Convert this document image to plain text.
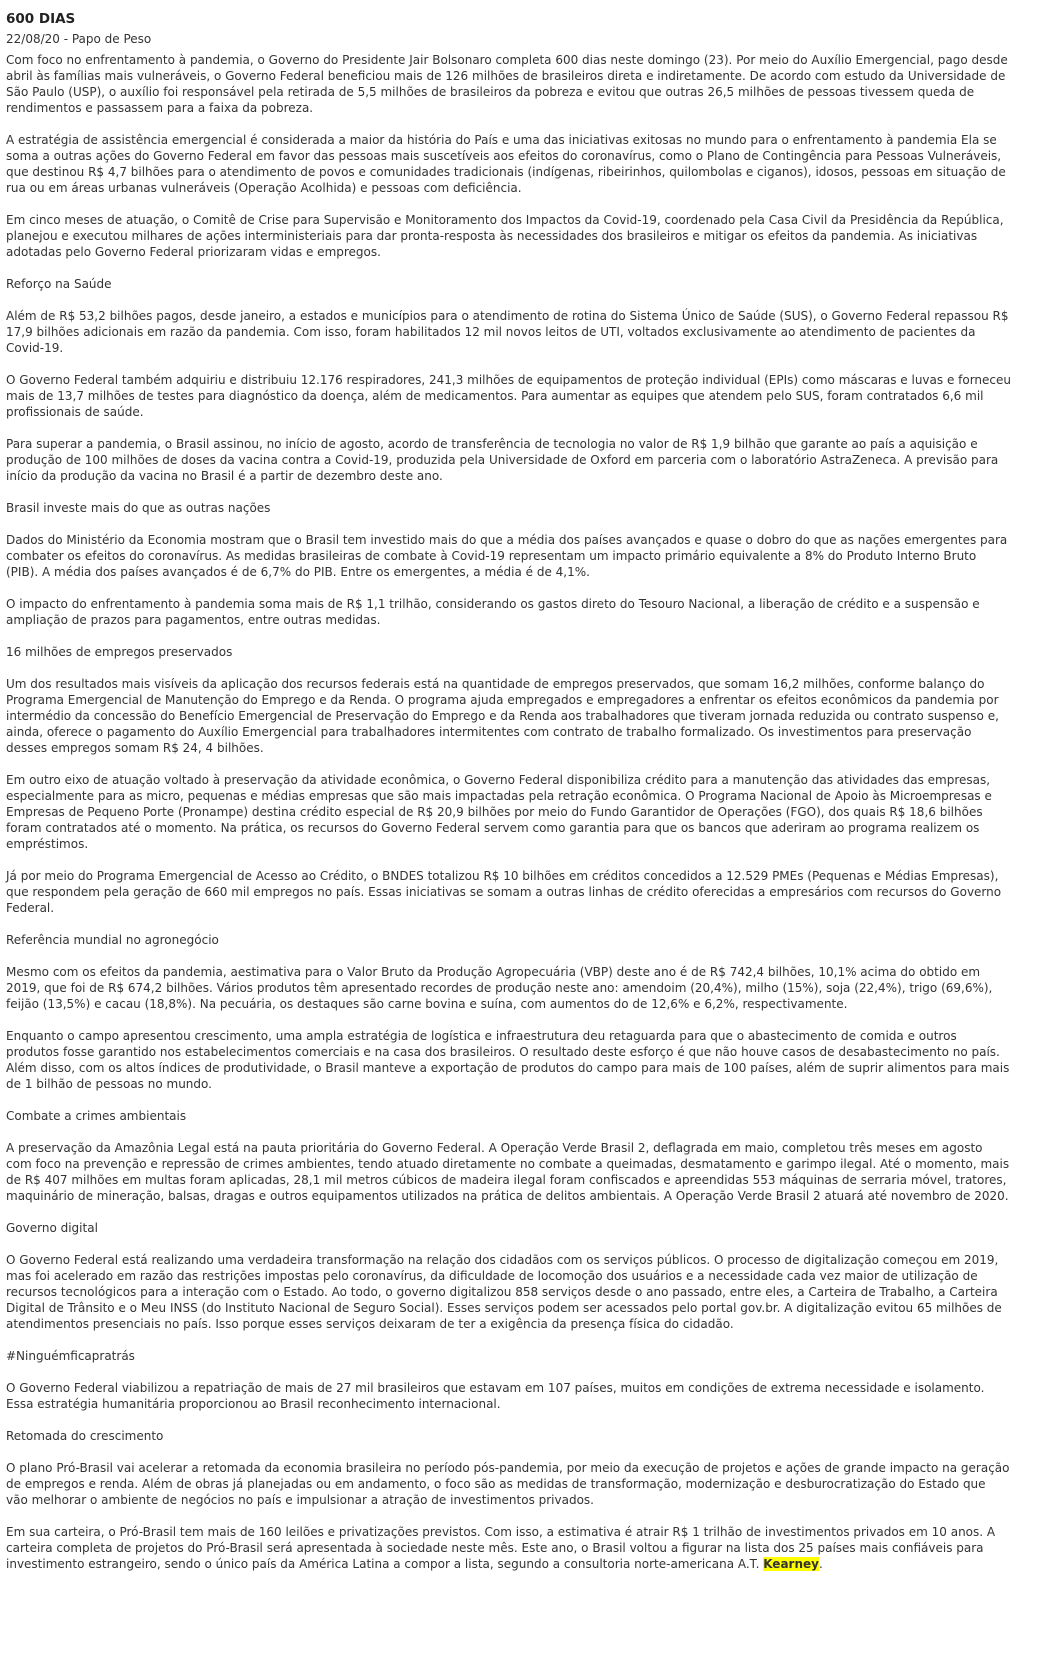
600 DIAS
22/08/20 - Papo de Peso

Com foco no enfrentamento à pandemia, o Governo do Presidente Jair Bolsonaro completa 600 dias neste domingo (23). Por meio do Auxílio Emergencial, pago desde abril às famílias mais vulneráveis, o Governo Federal beneficiou mais de 126 milhões de brasileiros direta e indiretamente. De acordo com estudo da Universidade de São Paulo (USP), o auxílio foi responsável pela retirada de 5,5 milhões de brasileiros da pobreza e evitou que outras 26,5 milhões de pessoas tivessem queda de rendimentos e passassem para a faixa da pobreza.

A estratégia de assistência emergencial é considerada a maior da história do País e uma das iniciativas exitosas no mundo para o enfrentamento à pandemia Ela se soma a outras ações do Governo Federal em favor das pessoas mais suscetíveis aos efeitos do coronavírus, como o Plano de Contingência para Pessoas Vulneráveis, que destinou R$ 4,7 bilhões para o atendimento de povos e comunidades tradicionais (indígenas, ribeirinhos, quilombolas e ciganos), idosos, pessoas em situação de rua ou em áreas urbanas vulneráveis (Operação Acolhida) e pessoas com deficiência.

Em cinco meses de atuação, o Comitê de Crise para Supervisão e Monitoramento dos Impactos da Covid-19, coordenado pela Casa Civil da Presidência da República, planejou e executou milhares de ações interministeriais para dar pronta-resposta às necessidades dos brasileiros e mitigar os efeitos da pandemia. As iniciativas adotadas pelo Governo Federal priorizaram vidas e empregos.

Reforço na Saúde

Além de R$ 53,2 bilhões pagos, desde janeiro, a estados e municípios para o atendimento de rotina do Sistema Único de Saúde (SUS), o Governo Federal repassou R$ 17,9 bilhões adicionais em razão da pandemia. Com isso, foram habilitados 12 mil novos leitos de UTI, voltados exclusivamente ao atendimento de pacientes da Covid-19.

O Governo Federal também adquiriu e distribuiu 12.176 respiradores, 241,3 milhões de equipamentos de proteção individual (EPIs) como máscaras e luvas e forneceu mais de 13,7 milhões de testes para diagnóstico da doença, além de medicamentos. Para aumentar as equipes que atendem pelo SUS, foram contratados 6,6 mil profissionais de saúde.

Para superar a pandemia, o Brasil assinou, no início de agosto, acordo de transferência de tecnologia no valor de R$ 1,9 bilhão que garante ao país a aquisição e produção de 100 milhões de doses da vacina contra a Covid-19, produzida pela Universidade de Oxford em parceria com o laboratório AstraZeneca. A previsão para início da produção da vacina no Brasil é a partir de dezembro deste ano.

Brasil investe mais do que as outras nações

Dados do Ministério da Economia mostram que o Brasil tem investido mais do que a média dos países avançados e quase o dobro do que as nações emergentes para combater os efeitos do coronavírus. As medidas brasileiras de combate à Covid-19 representam um impacto primário equivalente a 8% do Produto Interno Bruto (PIB). A média dos países avançados é de 6,7% do PIB. Entre os emergentes, a média é de 4,1%.

O impacto do enfrentamento à pandemia soma mais de R$ 1,1 trilhão, considerando os gastos direto do Tesouro Nacional, a liberação de crédito e a suspensão e ampliação de prazos para pagamentos, entre outras medidas.

16 milhões de empregos preservados

Um dos resultados mais visíveis da aplicação dos recursos federais está na quantidade de empregos preservados, que somam 16,2 milhões, conforme balanço do Programa Emergencial de Manutenção do Emprego e da Renda. O programa ajuda empregados e empregadores a enfrentar os efeitos econômicos da pandemia por intermédio da concessão do Benefício Emergencial de Preservação do Emprego e da Renda aos trabalhadores que tiveram jornada reduzida ou contrato suspenso e, ainda, oferece o pagamento do Auxílio Emergencial para trabalhadores intermitentes com contrato de trabalho formalizado. Os investimentos para preservação desses empregos somam R$ 24, 4 bilhões.

Em outro eixo de atuação voltado à preservação da atividade econômica, o Governo Federal disponibiliza crédito para a manutenção das atividades das empresas, especialmente para as micro, pequenas e médias empresas que são mais impactadas pela retração econômica. O Programa Nacional de Apoio às Microempresas e Empresas de Pequeno Porte (Pronampe) destina crédito especial de R$ 20,9 bilhões por meio do Fundo Garantidor de Operações (FGO), dos quais R$ 18,6 bilhões foram contratados até o momento. Na prática, os recursos do Governo Federal servem como garantia para que os bancos que aderiram ao programa realizem os empréstimos.

Já por meio do Programa Emergencial de Acesso ao Crédito, o BNDES totalizou R$ 10 bilhões em créditos concedidos a 12.529 PMEs (Pequenas e Médias Empresas), que respondem pela geração de 660 mil empregos no país. Essas iniciativas se somam a outras linhas de crédito oferecidas a empresários com recursos do Governo Federal.

Referência mundial no agronegócio

Mesmo com os efeitos da pandemia, aestimativa para o Valor Bruto da Produção Agropecuária (VBP) deste ano é de R$ 742,4 bilhões, 10,1% acima do obtido em 2019, que foi de R$ 674,2 bilhões. Vários produtos têm apresentado recordes de produção neste ano: amendoim (20,4%), milho (15%), soja (22,4%), trigo (69,6%), feijão (13,5%) e cacau (18,8%). Na pecuária, os destaques são carne bovina e suína, com aumentos do de 12,6% e 6,2%, respectivamente.

Enquanto o campo apresentou crescimento, uma ampla estratégia de logística e infraestrutura deu retaguarda para que o abastecimento de comida e outros produtos fosse garantido nos estabelecimentos comerciais e na casa dos brasileiros. O resultado deste esforço é que não houve casos de desabastecimento no país. Além disso, com os altos índices de produtividade, o Brasil manteve a exportação de produtos do campo para mais de 100 países, além de suprir alimentos para mais de 1 bilhão de pessoas no mundo.

Combate a crimes ambientais

A preservação da Amazônia Legal está na pauta prioritária do Governo Federal. A Operação Verde Brasil 2, deflagrada em maio, completou três meses em agosto com foco na prevenção e repressão de crimes ambientes, tendo atuado diretamente no combate a queimadas, desmatamento e garimpo ilegal. Até o momento, mais de R$ 407 milhões em multas foram aplicadas, 28,1 mil metros cúbicos de madeira ilegal foram confiscados e apreendidas 553 máquinas de serraria móvel, tratores, maquinário de mineração, balsas, dragas e outros equipamentos utilizados na prática de delitos ambientais. A Operação Verde Brasil 2 atuará até novembro de 2020.

Governo digital

O Governo Federal está realizando uma verdadeira transformação na relação dos cidadãos com os serviços públicos. O processo de digitalização começou em 2019, mas foi acelerado em razão das restrições impostas pelo coronavírus, da dificuldade de locomoção dos usuários e a necessidade cada vez maior de utilização de recursos tecnológicos para a interação com o Estado. Ao todo, o governo digitalizou 858 serviços desde o ano passado, entre eles, a Carteira de Trabalho, a Carteira Digital de Trânsito e o Meu INSS (do Instituto Nacional de Seguro Social). Esses serviços podem ser acessados pelo portal gov.br. A digitalização evitou 65 milhões de atendimentos presenciais no país. Isso porque esses serviços deixaram de ter a exigência da presença física do cidadão.

#Ninguémficapratrás

O Governo Federal viabilizou a repatriação de mais de 27 mil brasileiros que estavam em 107 países, muitos em condições de extrema necessidade e isolamento. Essa estratégia humanitária proporcionou ao Brasil reconhecimento internacional.

Retomada do crescimento

O plano Pró-Brasil vai acelerar a retomada da economia brasileira no período pós-pandemia, por meio da execução de projetos e ações de grande impacto na geração de empregos e renda. Além de obras já planejadas ou em andamento, o foco são as medidas de transformação, modernização e desburocratização do Estado que vão melhorar o ambiente de negócios no país e impulsionar a atração de investimentos privados.

Em sua carteira, o Pró-Brasil tem mais de 160 leilões e privatizações previstos. Com isso, a estimativa é atrair R$ 1 trilhão de investimentos privados em 10 anos. A carteira completa de projetos do Pró-Brasil será apresentada à sociedade neste mês. Este ano, o Brasil voltou a figurar na lista dos 25 países mais confiáveis para investimento estrangeiro, sendo o único país da América Latina a compor a lista, segundo a consultoria norte-americana A.T. Kearney.
